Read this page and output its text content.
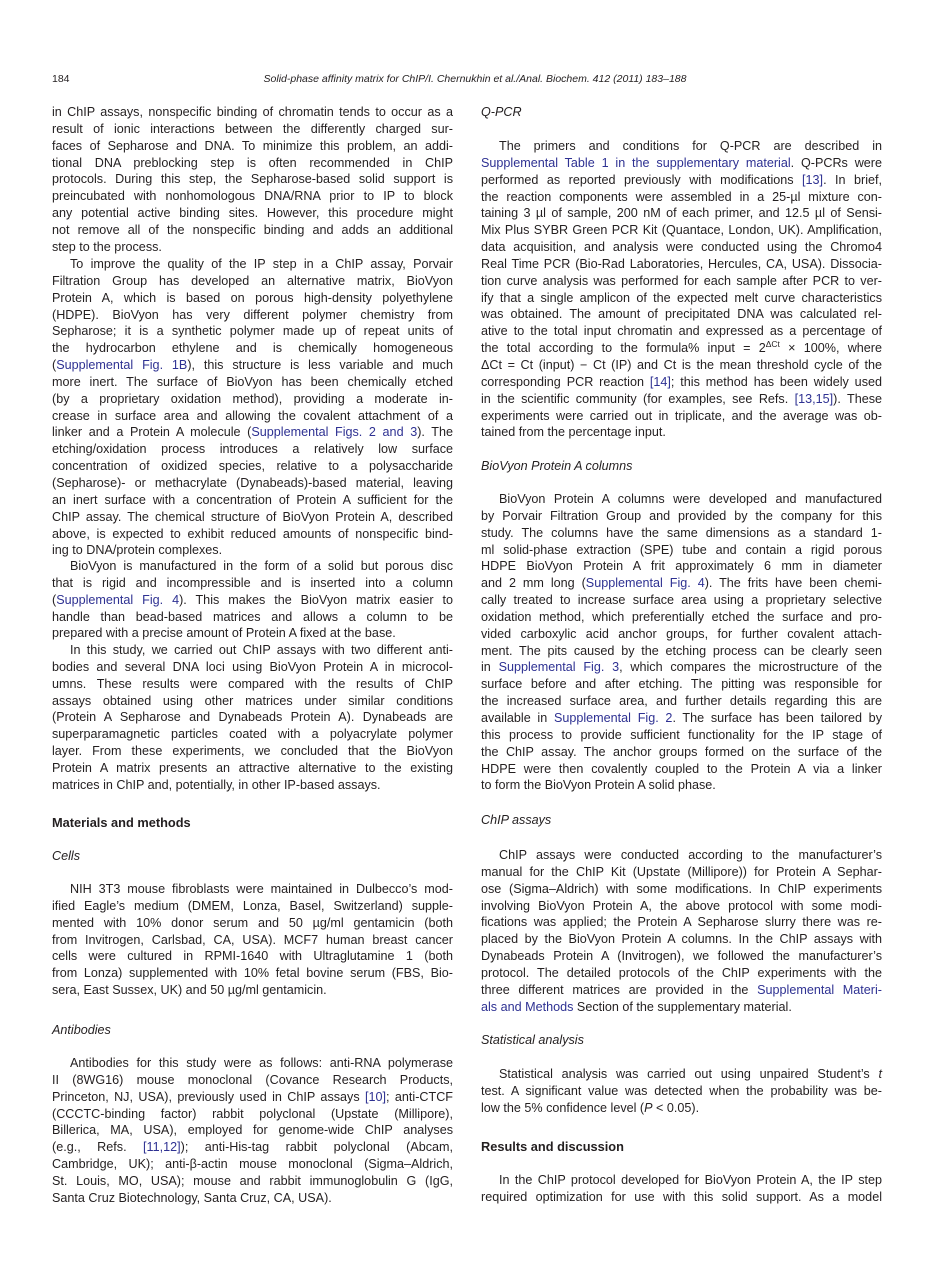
184	Solid-phase affinity matrix for ChIP/I. Chernukhin et al./Anal. Biochem. 412 (2011) 183–188
in ChIP assays, nonspecific binding of chromatin tends to occur as a
result of ionic interactions between the differently charged sur-
faces of Sepharose and DNA. To minimize this problem, an addi-
tional DNA preblocking step is often recommended in ChIP
protocols. During this step, the Sepharose-based solid support is
preincubated with nonhomologous DNA/RNA prior to IP to block
any potential active binding sites. However, this procedure might
not remove all of the nonspecific binding and adds an additional
step to the process.
To improve the quality of the IP step in a ChIP assay, Porvair
Filtration Group has developed an alternative matrix, BioVyon
Protein A, which is based on porous high-density polyethylene
(HDPE). BioVyon has very different polymer chemistry from
Sepharose; it is a synthetic polymer made up of repeat units of
the hydrocarbon ethylene and is chemically homogeneous
(Supplemental Fig. 1B), this structure is less variable and much
more inert. The surface of BioVyon has been chemically etched
(by a proprietary oxidation method), providing a moderate in-
crease in surface area and allowing the covalent attachment of a
linker and a Protein A molecule (Supplemental Figs. 2 and 3). The
etching/oxidation process introduces a relatively low surface
concentration of oxidized species, relative to a polysaccharide
(Sepharose)- or methacrylate (Dynabeads)-based material, leaving
an inert surface with a concentration of Protein A sufficient for the
ChIP assay. The chemical structure of BioVyon Protein A, described
above, is expected to exhibit reduced amounts of nonspecific bind-
ing to DNA/protein complexes.
BioVyon is manufactured in the form of a solid but porous disc
that is rigid and incompressible and is inserted into a column
(Supplemental Fig. 4). This makes the BioVyon matrix easier to
handle than bead-based matrices and allows a column to be
prepared with a precise amount of Protein A fixed at the base.
In this study, we carried out ChIP assays with two different anti-
bodies and several DNA loci using BioVyon Protein A in microcol-
umns. These results were compared with the results of ChIP
assays obtained using other matrices under similar conditions
(Protein A Sepharose and Dynabeads Protein A). Dynabeads are
superparamagnetic particles coated with a polyacrylate polymer
layer. From these experiments, we concluded that the BioVyon
Protein A matrix presents an attractive alternative to the existing
matrices in ChIP and, potentially, in other IP-based assays.
Materials and methods
Cells
NIH 3T3 mouse fibroblasts were maintained in Dulbecco’s mod-
ified Eagle’s medium (DMEM, Lonza, Basel, Switzerland) supple-
mented with 10% donor serum and 50 µg/ml gentamicin (both
from Invitrogen, Carlsbad, CA, USA). MCF7 human breast cancer
cells were cultured in RPMI-1640 with Ultraglutamine 1 (both
from Lonza) supplemented with 10% fetal bovine serum (FBS, Bio-
sera, East Sussex, UK) and 50 µg/ml gentamicin.
Antibodies
Antibodies for this study were as follows: anti-RNA polymerase
II (8WG16) mouse monoclonal (Covance Research Products,
Princeton, NJ, USA), previously used in ChIP assays [10]; anti-CTCF
(CCCTC-binding factor) rabbit polyclonal (Upstate (Millipore),
Billerica, MA, USA), employed for genome-wide ChIP analyses
(e.g., Refs. [11,12]); anti-His-tag rabbit polyclonal (Abcam,
Cambridge, UK); anti-β-actin mouse monoclonal (Sigma–Aldrich,
St. Louis, MO, USA); mouse and rabbit immunoglobulin G (IgG,
Santa Cruz Biotechnology, Santa Cruz, CA, USA).
Q-PCR
The primers and conditions for Q-PCR are described in
Supplemental Table 1 in the supplementary material. Q-PCRs were
performed as reported previously with modifications [13]. In brief,
the reaction components were assembled in a 25-µl mixture con-
taining 3 µl of sample, 200 nM of each primer, and 12.5 µl of Sensi-
Mix Plus SYBR Green PCR Kit (Quantace, London, UK). Amplification,
data acquisition, and analysis were conducted using the Chromo4
Real Time PCR (Bio-Rad Laboratories, Hercules, CA, USA). Dissocia-
tion curve analysis was performed for each sample after PCR to ver-
ify that a single amplicon of the expected melt curve characteristics
was obtained. The amount of precipitated DNA was calculated rel-
ative to the total input chromatin and expressed as a percentage of
the total according to the formula% input = $2^{\Delta Ct} \times 100\%$, where
ΔCt = Ct (input) − Ct (IP) and Ct is the mean threshold cycle of the
corresponding PCR reaction [14]; this method has been widely used
in the scientific community (for examples, see Refs. [13,15]). These
experiments were carried out in triplicate, and the average was ob-
tained from the percentage input.
BioVyon Protein A columns
BioVyon Protein A columns were developed and manufactured
by Porvair Filtration Group and provided by the company for this
study. The columns have the same dimensions as a standard 1-
ml solid-phase extraction (SPE) tube and contain a rigid porous
HDPE BioVyon Protein A frit approximately 6 mm in diameter
and 2 mm long (Supplemental Fig. 4). The frits have been chemi-
cally treated to increase surface area using a proprietary selective
oxidation method, which preferentially etched the surface and pro-
vided carboxylic acid anchor groups, for further covalent attach-
ment. The pits caused by the etching process can be clearly seen
in Supplemental Fig. 3, which compares the microstructure of the
surface before and after etching. The pitting was responsible for
the increased surface area, and further details regarding this are
available in Supplemental Fig. 2. The surface has been tailored by
this process to provide sufficient functionality for the IP stage of
the ChIP assay. The anchor groups formed on the surface of the
HDPE were then covalently coupled to the Protein A via a linker
to form the BioVyon Protein A solid phase.
ChIP assays
ChIP assays were conducted according to the manufacturer’s
manual for the ChIP Kit (Upstate (Millipore)) for Protein A Sephar-
ose (Sigma–Aldrich) with some modifications. In ChIP experiments
involving BioVyon Protein A, the above protocol with some modi-
fications was applied; the Protein A Sepharose slurry there was re-
placed by the BioVyon Protein A columns. In the ChIP assays with
Dynabeads Protein A (Invitrogen), we followed the manufacturer’s
protocol. The detailed protocols of the ChIP experiments with the
three different matrices are provided in the Supplemental Materi-
als and Methods Section of the supplementary material.
Statistical analysis
Statistical analysis was carried out using unpaired Student’s t
test. A significant value was detected when the probability was be-
low the 5% confidence level (P < 0.05).
Results and discussion
In the ChIP protocol developed for BioVyon Protein A, the IP step
required optimization for use with this solid support. As a model
